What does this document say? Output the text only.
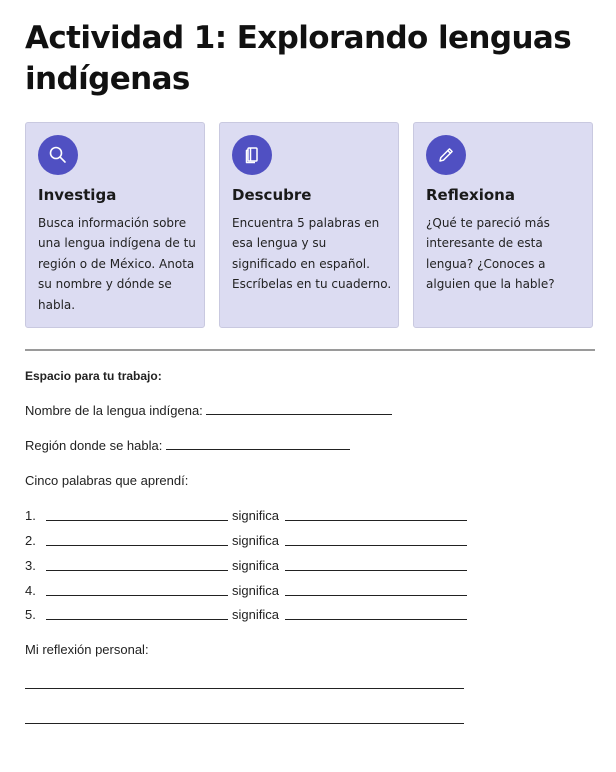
Actividad 1: Explorando lenguas indígenas
Investiga
Busca información sobre una lengua indígena de tu región o de México. Anota su nombre y dónde se habla.
Descubre
Encuentra 5 palabras en esa lengua y su significado en español. Escríbelas en tu cuaderno.
Reflexiona
¿Qué te pareció más interesante de esta lengua? ¿Conoces a alguien que la hable?
Espacio para tu trabajo:
Nombre de la lengua indígena:
Región donde se habla:
Cinco palabras que aprendí:
1.	significa
2.	significa
3.	significa
4.	significa
5.	significa
Mi reflexión personal:
